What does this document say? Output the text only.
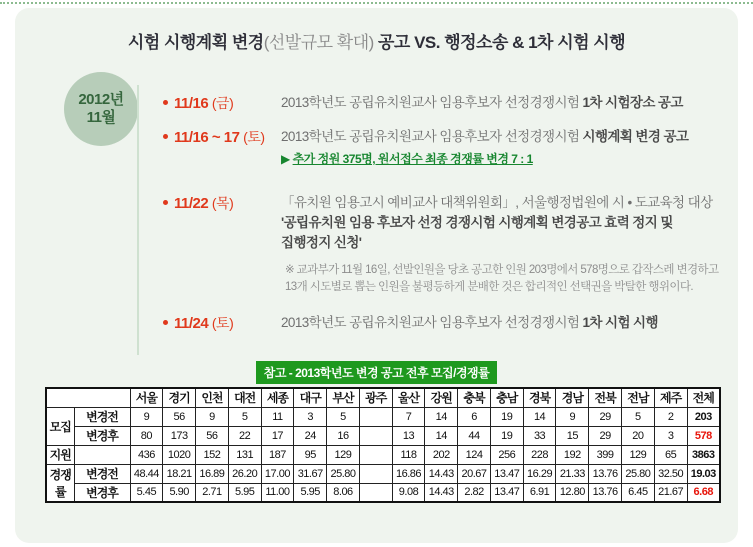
시험 시행계획 변경(선발규모 확대) 공고 VS. 행정소송 & 1차 시험 시행
2012년
11월
11/16 (금)	2013학년도 공립유치원교사 임용후보자 선정경쟁시험 1차 시험장소 공고
11/16 ~ 17 (토)	2013학년도 공립유치원교사 임용후보자 선정경쟁시험 시행계획 변경 공고
▶ 추가 정원 375명, 원서접수 최종 경쟁률 변경 7 : 1
11/22 (목)	「유치원 임용고시 예비교사 대책위원회」, 서울행정법원에 시 • 도교육청 대상
'공립유치원 임용 후보자 선정 경쟁시험 시행계획 변경공고 효력 정지 및
집행정지 신청'
※ 교과부가 11월 16일, 선발인원을 당초 공고한 인원 203명에서 578명으로 갑작스레 변경하고
13개 시도별로 뽑는 인원을 불평등하게 분배한 것은 합리적인 선택권을 박탈한 행위이다.
11/24 (토)	2013학년도 공립유치원교사 임용후보자 선정경쟁시험 1차 시험 시행
참고 - 2013학년도 변경 공고 전후 모집/경쟁률
		서울	경기	인천	대전	세종	대구	부산	광주	울산	강원	충북	충남	경북	경남	전북	전남	제주	전체
모집	변경전	9	56	9	5	11	3	5		7	14	6	19	14	9	29	5	2	203
	변경후	80	173	56	22	17	24	16		13	14	44	19	33	15	29	20	3	578
지원		436	1020	152	131	187	95	129		118	202	124	256	228	192	399	129	65	3863
경쟁률	변경전	48.44	18.21	16.89	26.20	17.00	31.67	25.80		16.86	14.43	20.67	13.47	16.29	21.33	13.76	25.80	32.50	19.03
	변경후	5.45	5.90	2.71	5.95	11.00	5.95	8.06		9.08	14.43	2.82	13.47	6.91	12.80	13.76	6.45	21.67	6.68
